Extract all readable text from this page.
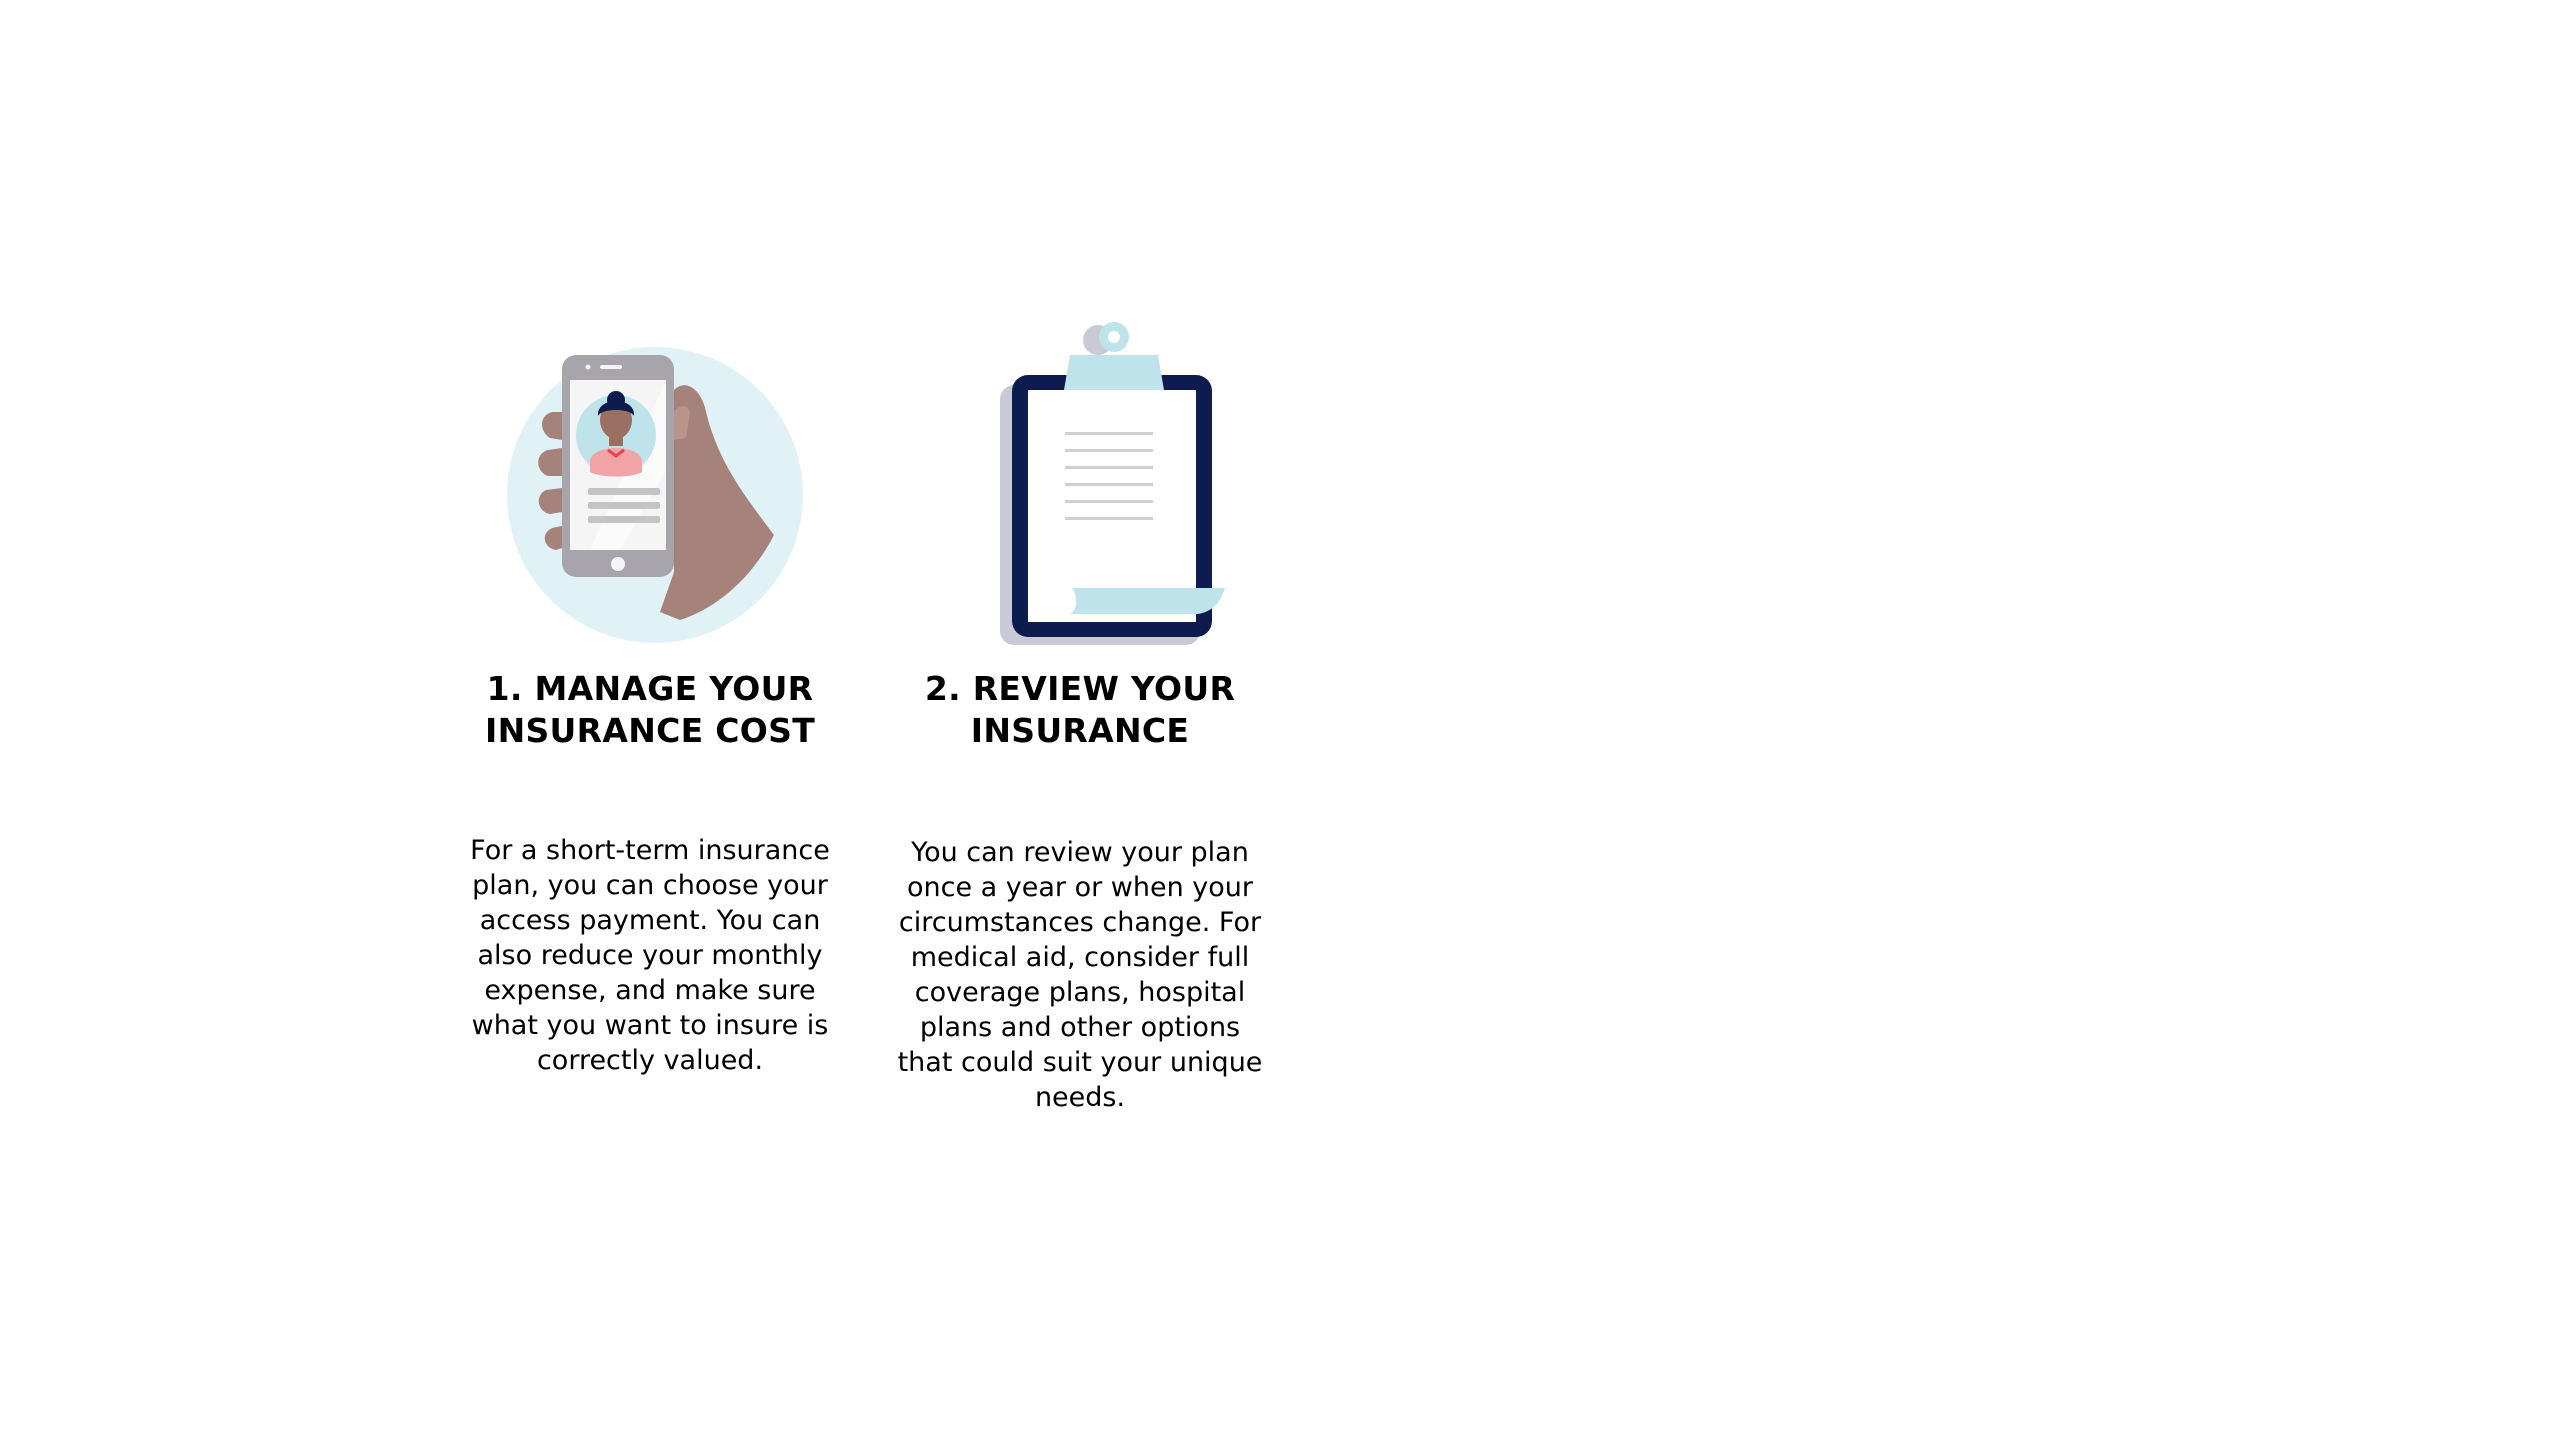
1. MANAGE YOUR
INSURANCE COST

For a short-term insurance
plan, you can choose your
access payment. You can
also reduce your monthly
expense, and make sure
what you want to insure is
correctly valued.

2. REVIEW YOUR
INSURANCE

You can review your plan
once a year or when your
circumstances change. For
medical aid, consider full
coverage plans, hospital
plans and other options
that could suit your unique
needs.
